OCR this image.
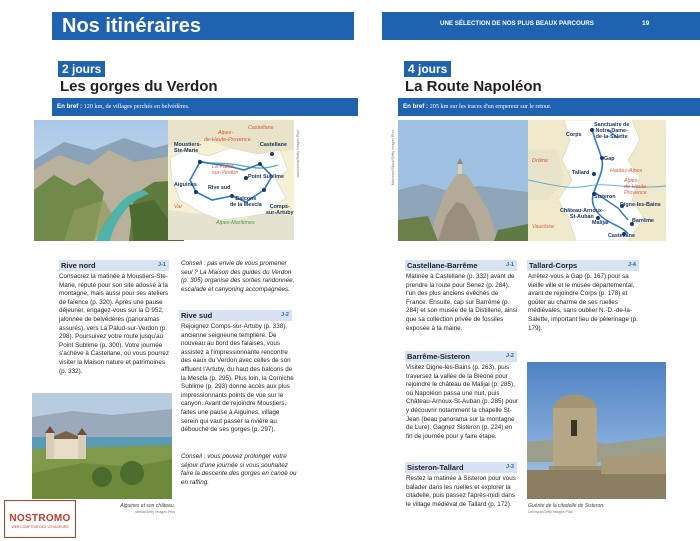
Nos itinéraires
2 jours
Les gorges du Verdon
En bref : 120 km, de villages perchés en belvédères.
Alpes-
de-Haute-Provence
Castellane
Moustiers-
Ste-Marie
Castellane
La Palud-
sur-Verdon
Point Sublime
Aiguines Rive sud
Balcons
de la Mescla	Comps-
sur-Artuby
Var
Alpes-Maritimes
blackicona/Getty Images Plus
Rive nord	J-1
Consacrez la matinée à Moustiers-Ste-Marie, réputé pour son site adossé à la montagne, mais aussi pour ses ateliers de faïence (p. 320). Après une pause déjeuner, engagez-vous sur la D 952, jalonnée de belvédères (panoramas assurés), vers La Palud-sur-Verdon (p. 298). Poursuivez votre route jusqu'au Point Sublime (p. 300). Votre journée s'achève à Castellane, où vous pourrez visiter la Maison nature et patrimoines (p. 332).
Conseil : pas envie de vous promener seul ? La Maison des guides du Verdon (p. 305) organise des sorties randonnée, escalade et canyoning accompagnées.
Rive sud	J-2
Rejoignez Comps-sur-Artuby (p. 338), ancienne seigneurie templière. De nouveau au bord des falaises, vous assistez à l'impressionnante rencontre des eaux du Verdon avec celles de son affluent l'Artuby, du haut des balcons de la Mescla (p. 295). Plus loin, la Corniche Sublime (p. 293) donne accès aux plus impressionnants points de vue sur le canyon. Avant de rejoindre Moustiers, faites une pause à Aiguines, village serein qui vaut passer la rivière au débouché de ses gorges (p. 297).
Conseil : vous pouvez prolonger votre séjour d'une journée si vous souhaitez faire la descente des gorges en canoë ou en rafting.
Aiguines et son château.
sbella/Getty Images Plus
NOSTROMO
WEB COMPTOIR DES VOYAGEURS
UNE SÉLECTION DE NOS PLUS BEAUX PARCOURS	19
4 jours
La Route Napoléon
En bref : 205 km sur les traces d'un empereur sur le retour.
Marceau/iStock/Getty Images Plus	Corps
Sanctuaire de
Notre-Dame-
de-la-Salette
Gap
Drôme
Hautes-Alpes
Tallard
Alpes-
de-Haute-
Provence
Sisteron
Digne-les-Bains
Château-Arnoux-
St-Auban
Malijai	Barrême
Vaucluse
Castellane
Castellane-Barrême	J-1
Matinée à Castellane (p. 332) avant de prendre la route pour Senez (p. 284), l'un des plus anciens évêchés de France. Ensuite, cap sur Barrême (p. 284) et son musée de la Distillerie, ainsi que sa collection privée de fossiles exposée à la mairie.
Barrême-Sisteron	J-2
Visitez Digne-les-Bains (p. 263), puis traversez la vallée de la Bléone pour rejoindre le château de Malijai (p. 285), où Napoléon passa une nuit, puis Château-Arnoux-St-Auban (p. 285) pour y découvrir notamment la chapelle St-Jean (beau panorama sur la montagne de Lure). Gagnez Sisteron (p. 224) en fin de journée pour y faire étape.
Sisteron-Tallard	J-3
Restez la matinée à Sisteron pour vous balader dans les ruelles et explorer la citadelle, puis passez l'après-midi dans le village médiéval de Tallard (p. 172).
Tallard-Corps	J-4
Arrêtez-vous à Gap (p. 167) pour sa vieille ville et le musée départemental, avant de rejoindre Corps (p. 178) et goûter au charme de ses ruelles médiévales, sans oublier N.-D.-de-la-Salette, important lieu de pèlerinage (p. 179).
Guérite de la citadelle de Sisteron.
Dennyuk/Getty Images Plus
